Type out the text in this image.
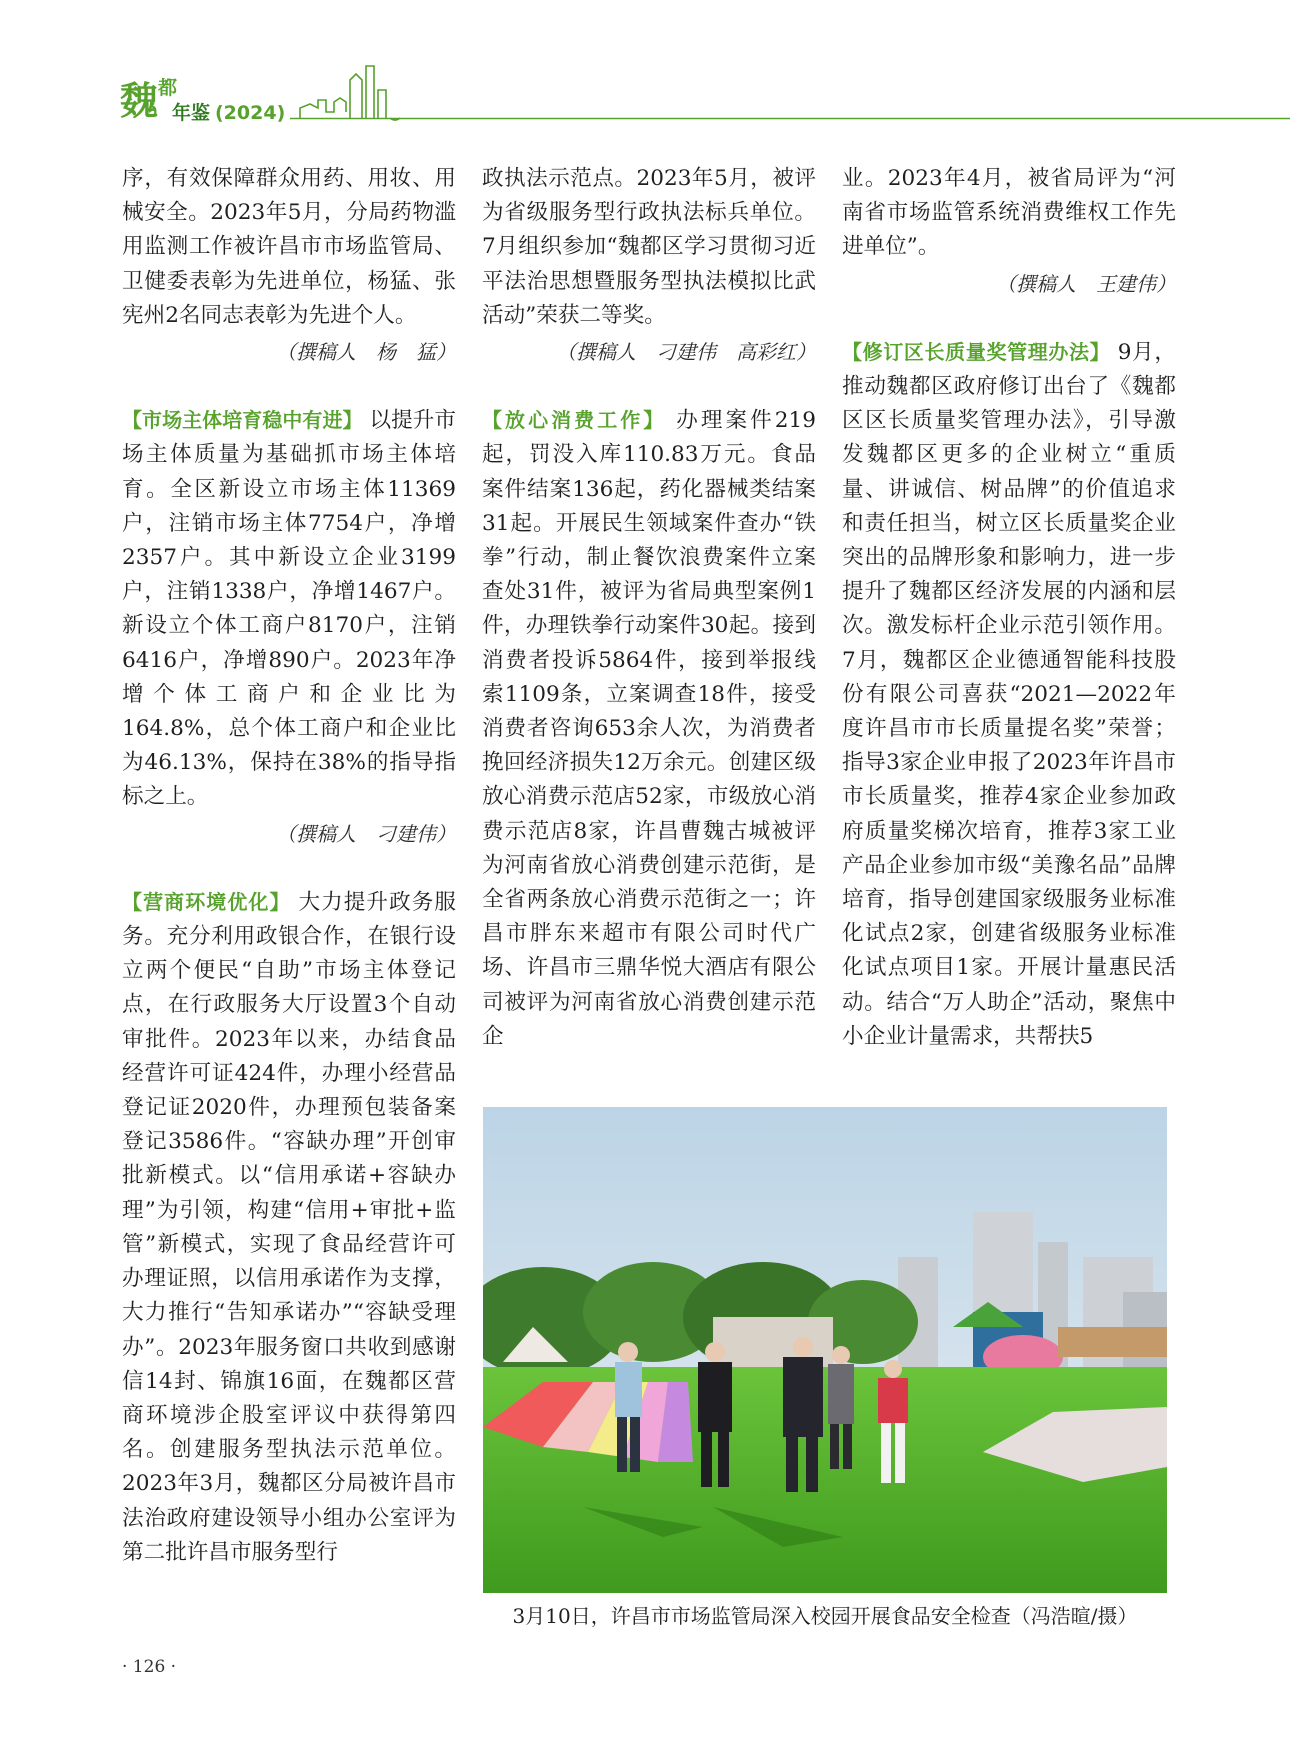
魏 都
年鉴 (2024)

序，有效保障群众用药、用妆、用械安全。2023年5月，分局药物滥用监测工作被许昌市市场监管局、卫健委表彰为先进单位，杨猛、张宪州2名同志表彰为先进个人。

（撰稿人　杨　猛）

【市场主体培育稳中有进】 以提升市场主体质量为基础抓市场主体培育。全区新设立市场主体11369户，注销市场主体7754户，净增2357户。其中新设立企业3199户，注销1338户，净增1467户。新设立个体工商户8170户，注销6416户，净增890户。2023年净增个体工商户和企业比为164.8%，总个体工商户和企业比为46.13%，保持在38%的指导指标之上。

（撰稿人　刁建伟）

【营商环境优化】 大力提升政务服务。充分利用政银合作，在银行设立两个便民“自助”市场主体登记点，在行政服务大厅设置3个自动审批件。2023年以来，办结食品经营许可证424件，办理小经营品登记证2020件，办理预包装备案登记3586件。“容缺办理”开创审批新模式。以“信用承诺+容缺办理”为引领，构建“信用+审批+监管”新模式，实现了食品经营许可办理证照，以信用承诺作为支撑，大力推行“告知承诺办”“容缺受理办”。2023年服务窗口共收到感谢信14封、锦旗16面，在魏都区营商环境涉企股室评议中获得第四名。创建服务型执法示范单位。2023年3月，魏都区分局被许昌市法治政府建设领导小组办公室评为第二批许昌市服务型行

政执法示范点。2023年5月，被评为省级服务型行政执法标兵单位。7月组织参加“魏都区学习贯彻习近平法治思想暨服务型执法模拟比武活动”荣获二等奖。

（撰稿人　刁建伟　高彩红）

【放心消费工作】 办理案件219起，罚没入库110.83万元。食品案件结案136起，药化器械类结案31起。开展民生领域案件查办“铁拳”行动，制止餐饮浪费案件立案查处31件，被评为省局典型案例1件，办理铁拳行动案件30起。接到消费者投诉5864件，接到举报线索1109条，立案调查18件，接受消费者咨询653余人次，为消费者挽回经济损失12万余元。创建区级放心消费示范店52家，市级放心消费示范店8家，许昌曹魏古城被评为河南省放心消费创建示范街，是全省两条放心消费示范街之一；许昌市胖东来超市有限公司时代广场、许昌市三鼎华悦大酒店有限公司被评为河南省放心消费创建示范企

业。2023年4月，被省局评为“河南省市场监管系统消费维权工作先进单位”。

（撰稿人　王建伟）

【修订区长质量奖管理办法】 9月，推动魏都区政府修订出台了《魏都区区长质量奖管理办法》，引导激发魏都区更多的企业树立“重质量、讲诚信、树品牌”的价值追求和责任担当，树立区长质量奖企业突出的品牌形象和影响力，进一步提升了魏都区经济发展的内涵和层次。激发标杆企业示范引领作用。7月，魏都区企业德通智能科技股份有限公司喜获“2021—2022年度许昌市市长质量提名奖”荣誉；指导3家企业申报了2023年许昌市市长质量奖，推荐4家企业参加政府质量奖梯次培育，推荐3家工业产品企业参加市级“美豫名品”品牌培育，指导创建国家级服务业标准化试点2家，创建省级服务业标准化试点项目1家。开展计量惠民活动。结合“万人助企”活动，聚焦中小企业计量需求，共帮扶5

3月10日，许昌市市场监管局深入校园开展食品安全检查（冯浩暄/摄）
· 126 ·
